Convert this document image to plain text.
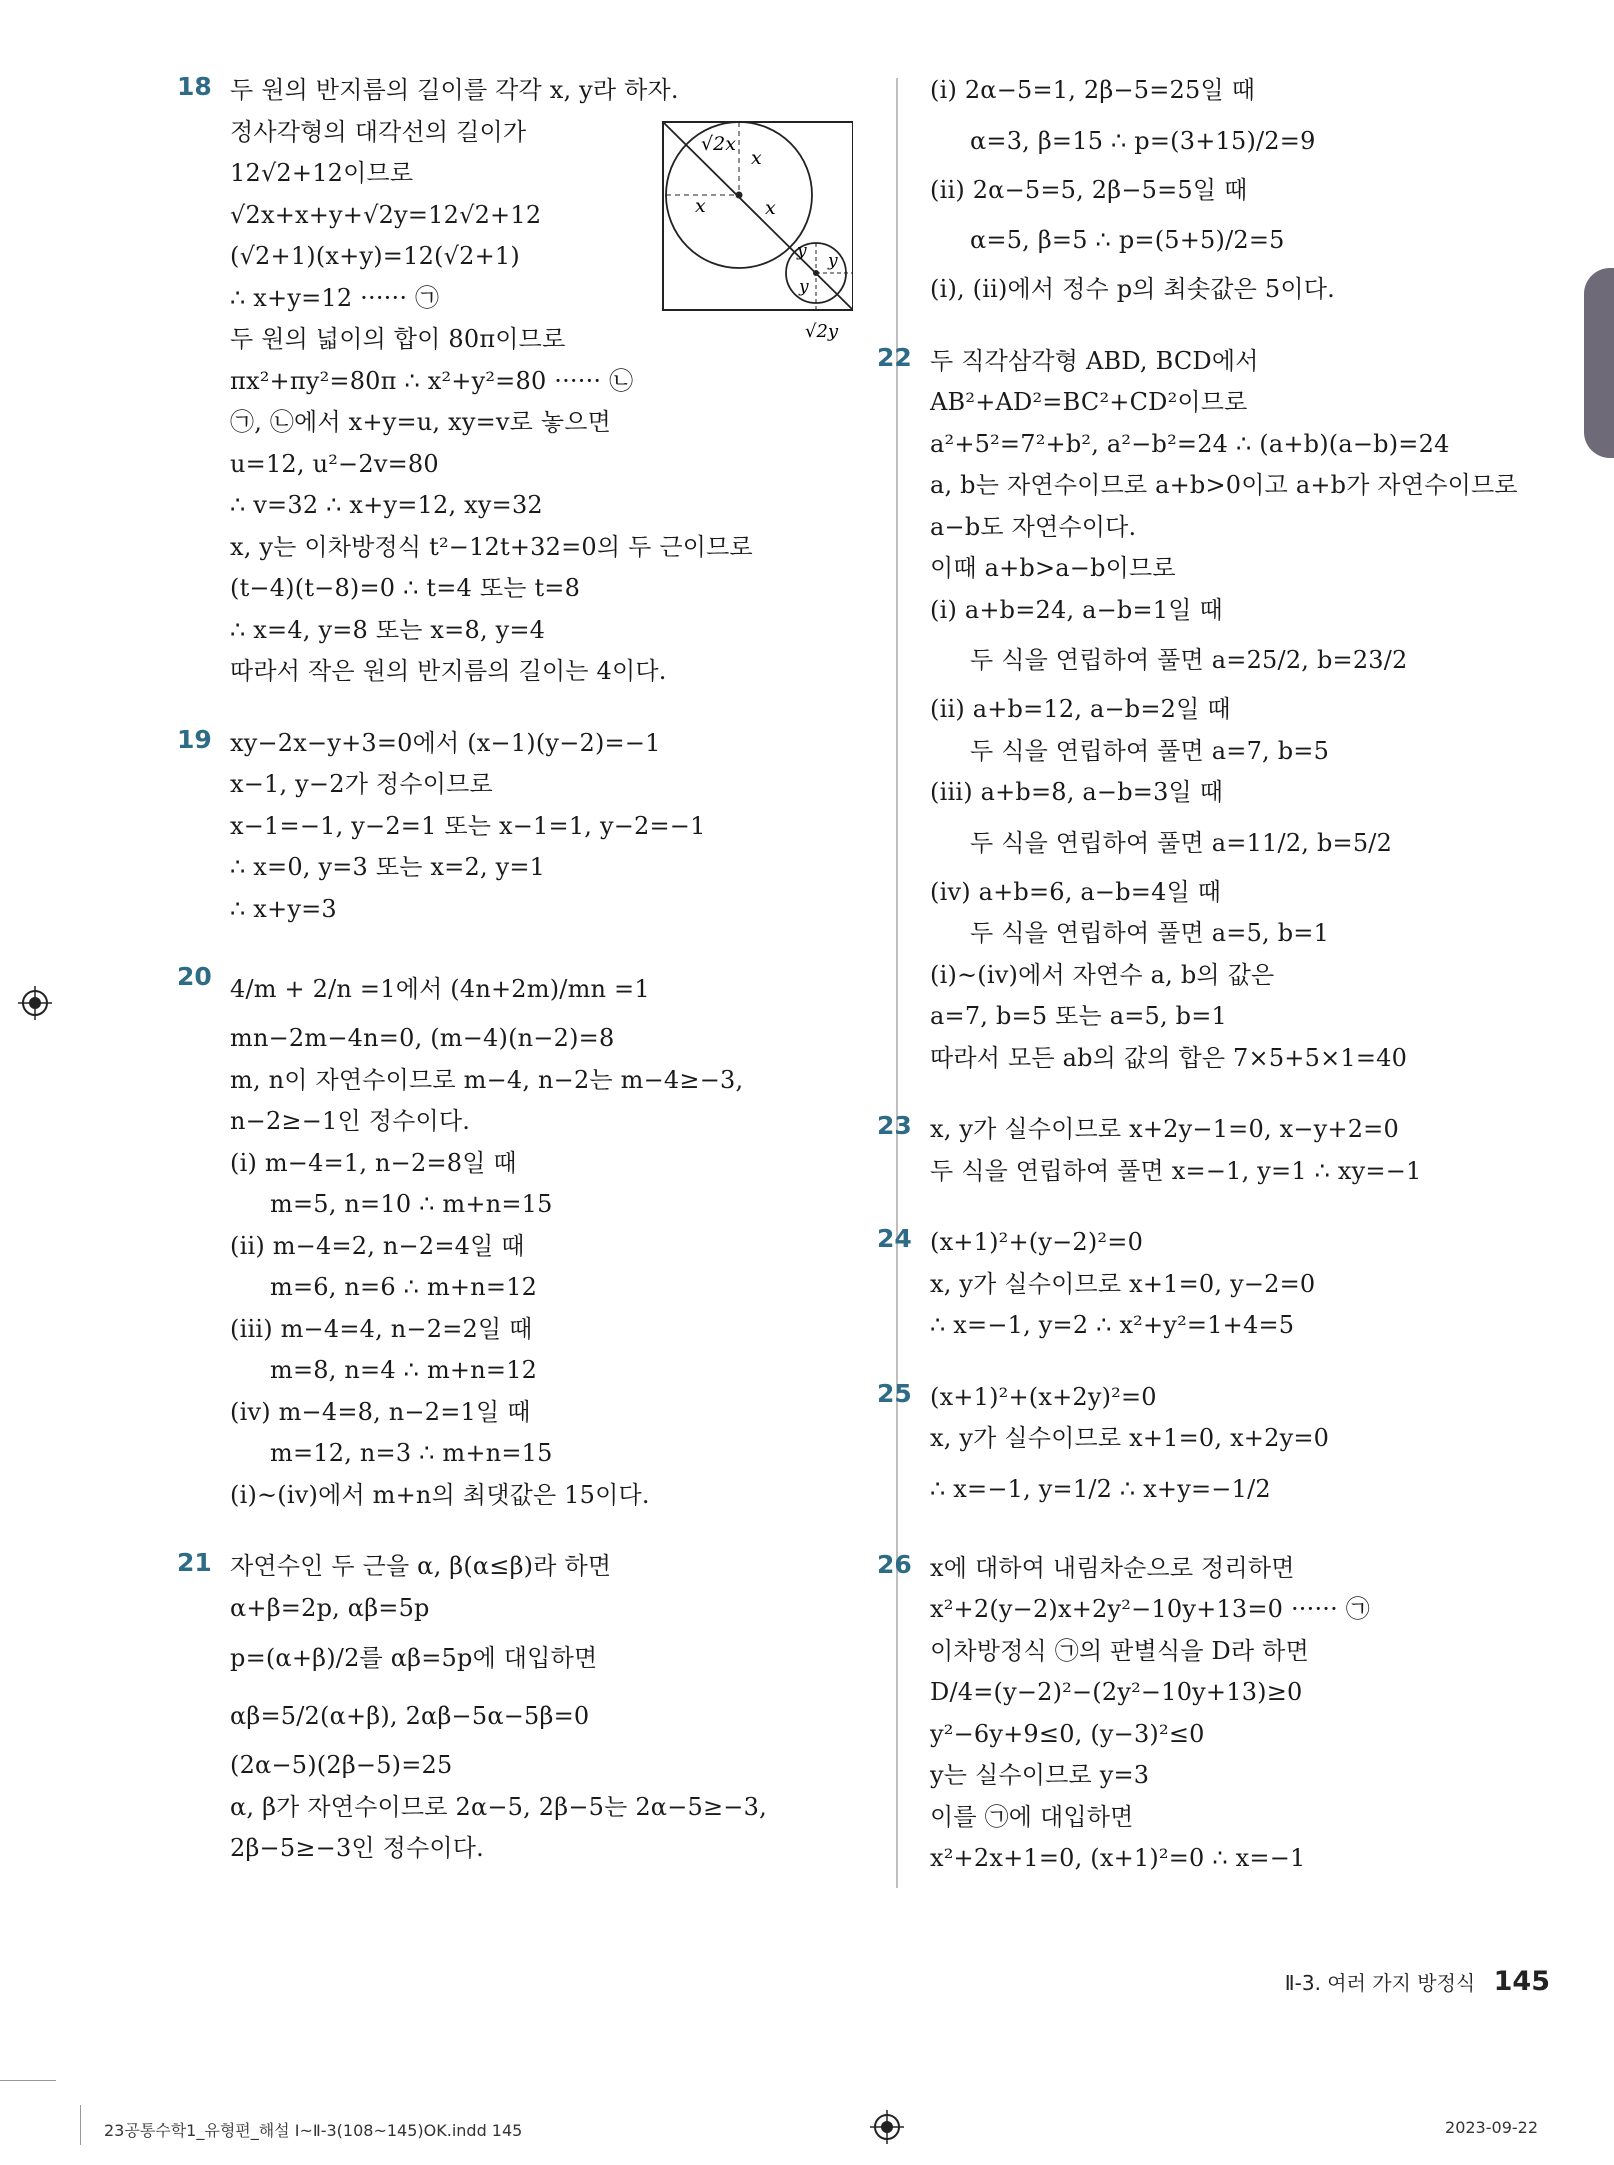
18 두 원의 반지름의 길이를 각각 x, y라 하자.
정사각형의 대각선의 길이가
12√2+12이므로
√2x+x+y+√2y=12√2+12
(√2+1)(x+y)=12(√2+1)
∴ x+y=12 ······ ㉠
두 원의 넓이의 합이 80π이므로
πx²+πy²=80π ∴ x²+y²=80 ······ ㉡
㉠, ㉡에서 x+y=u, xy=v로 놓으면
u=12, u²−2v=80
∴ v=32 ∴ x+y=12, xy=32
x, y는 이차방정식 t²−12t+32=0의 두 근이므로
(t−4)(t−8)=0 ∴ t=4 또는 t=8
∴ x=4, y=8 또는 x=8, y=4
따라서 작은 원의 반지름의 길이는 4이다.
19 xy−2x−y+3=0에서 (x−1)(y−2)=−1
x−1, y−2가 정수이므로
x−1=−1, y−2=1 또는 x−1=1, y−2=−1
∴ x=0, y=3 또는 x=2, y=1
∴ x+y=3
20 4/m + 2/n =1에서 (4n+2m)/mn =1
mn−2m−4n=0, (m−4)(n−2)=8
m, n이 자연수이므로 m−4, n−2는 m−4≥−3,
n−2≥−1인 정수이다.
(i) m−4=1, n−2=8일 때
m=5, n=10 ∴ m+n=15
(ii) m−4=2, n−2=4일 때
m=6, n=6 ∴ m+n=12
(iii) m−4=4, n−2=2일 때
m=8, n=4 ∴ m+n=12
(iv) m−4=8, n−2=1일 때
m=12, n=3 ∴ m+n=15
(i)~(iv)에서 m+n의 최댓값은 15이다.
21 자연수인 두 근을 α, β(α≤β)라 하면
α+β=2p, αβ=5p
p=(α+β)/2를 αβ=5p에 대입하면
αβ=5/2(α+β), 2αβ−5α−5β=0
(2α−5)(2β−5)=25
α, β가 자연수이므로 2α−5, 2β−5는 2α−5≥−3,
2β−5≥−3인 정수이다.
√2x
x
x	x
y y
y
√2y
(i) 2α−5=1, 2β−5=25일 때
α=3, β=15 ∴ p=(3+15)/2=9
(ii) 2α−5=5, 2β−5=5일 때
α=5, β=5 ∴ p=(5+5)/2=5
(i), (ii)에서 정수 p의 최솟값은 5이다.
22 두 직각삼각형 ABD, BCD에서
AB²+AD²=BC²+CD²이므로
a²+5²=7²+b², a²−b²=24 ∴ (a+b)(a−b)=24
a, b는 자연수이므로 a+b>0이고 a+b가 자연수이므로
a−b도 자연수이다.
이때 a+b>a−b이므로
(i) a+b=24, a−b=1일 때
두 식을 연립하여 풀면 a=25/2, b=23/2
(ii) a+b=12, a−b=2일 때
두 식을 연립하여 풀면 a=7, b=5
(iii) a+b=8, a−b=3일 때
두 식을 연립하여 풀면 a=11/2, b=5/2
(iv) a+b=6, a−b=4일 때
두 식을 연립하여 풀면 a=5, b=1
(i)~(iv)에서 자연수 a, b의 값은
a=7, b=5 또는 a=5, b=1
따라서 모든 ab의 값의 합은 7×5+5×1=40
23 x, y가 실수이므로 x+2y−1=0, x−y+2=0
두 식을 연립하여 풀면 x=−1, y=1 ∴ xy=−1
24 (x+1)²+(y−2)²=0
x, y가 실수이므로 x+1=0, y−2=0
∴ x=−1, y=2 ∴ x²+y²=1+4=5
25 (x+1)²+(x+2y)²=0
x, y가 실수이므로 x+1=0, x+2y=0
∴ x=−1, y=1/2 ∴ x+y=−1/2
26 x에 대하여 내림차순으로 정리하면
x²+2(y−2)x+2y²−10y+13=0 ······ ㉠
이차방정식 ㉠의 판별식을 D라 하면
D/4=(y−2)²−(2y²−10y+13)≥0
y²−6y+9≤0, (y−3)²≤0
y는 실수이므로 y=3
이를 ㉠에 대입하면
x²+2x+1=0, (x+1)²=0 ∴ x=−1
Ⅱ-3. 여러 가지 방정식 145
23공통수학1_유형편_해설 Ⅰ~Ⅱ-3(108~145)OK.indd 145	2023-09-22
